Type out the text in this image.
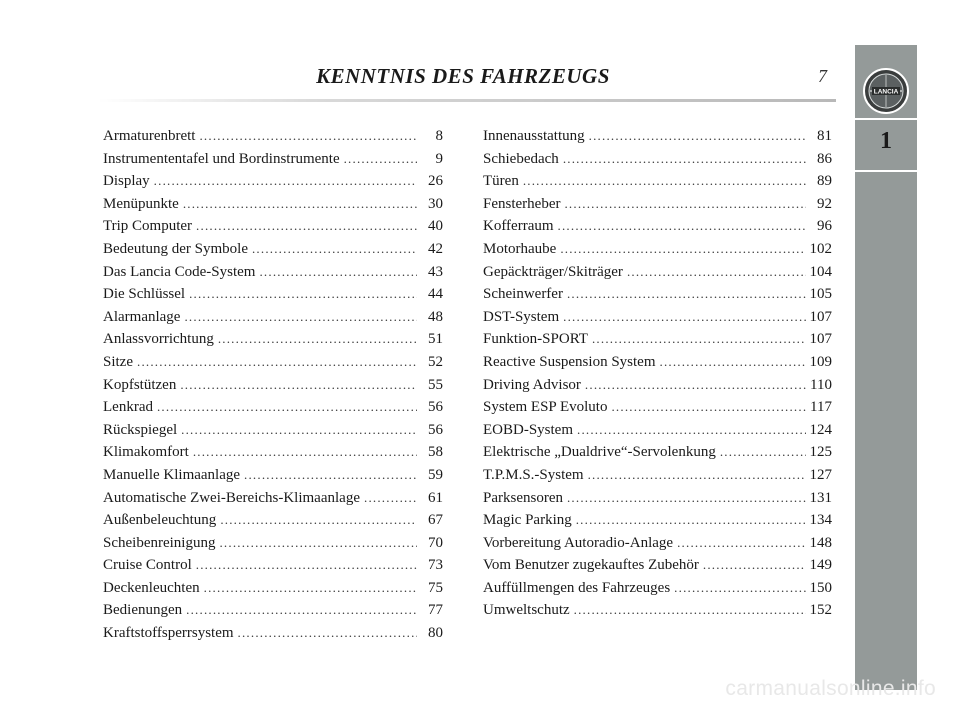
KENNTNIS DES FAHRZEUGS	7
Armaturenbrett .....	8
Instrumententafel und Bordinstrumente .....	9
Display .....	26
Menüpunkte .....	30
Trip Computer .....	40
Bedeutung der Symbole .....	42
Das Lancia Code-System .....	43
Die Schlüssel .....	44
Alarmanlage .....	48
Anlassvorrichtung .....	51
Sitze .....	52
Kopfstützen .....	55
Lenkrad .....	56
Rückspiegel .....	56
Klimakomfort .....	58
Manuelle Klimaanlage .....	59
Automatische Zwei-Bereichs-Klimaanlage .....	61
Außenbeleuchtung .....	67
Scheibenreinigung .....	70
Cruise Control .....	73
Deckenleuchten .....	75
Bedienungen .....	77
Kraftstoffsperrsystem .....	80
Innenausstattung .....	81
Schiebedach .....	86
Türen .....	89
Fensterheber .....	92
Kofferraum .....	96
Motorhaube .....	102
Gepäckträger/Skiträger .....	104
Scheinwerfer .....	105
DST-System .....	107
Funktion-SPORT .....	107
Reactive Suspension System .....	109
Driving Advisor .....	110
System ESP Evoluto .....	117
EOBD-System .....	124
Elektrische „Dualdrive“-Servolenkung .....	125
T.P.M.S.-System .....	127
Parksensoren .....	131
Magic Parking .....	134
Vorbereitung Autoradio-Anlage .....	148
Vom Benutzer zugekauftes Zubehör .....	149
Auffüllmengen des Fahrzeuges .....	150
Umweltschutz .....	152
LANCIA
1
carmanualsonline.info
